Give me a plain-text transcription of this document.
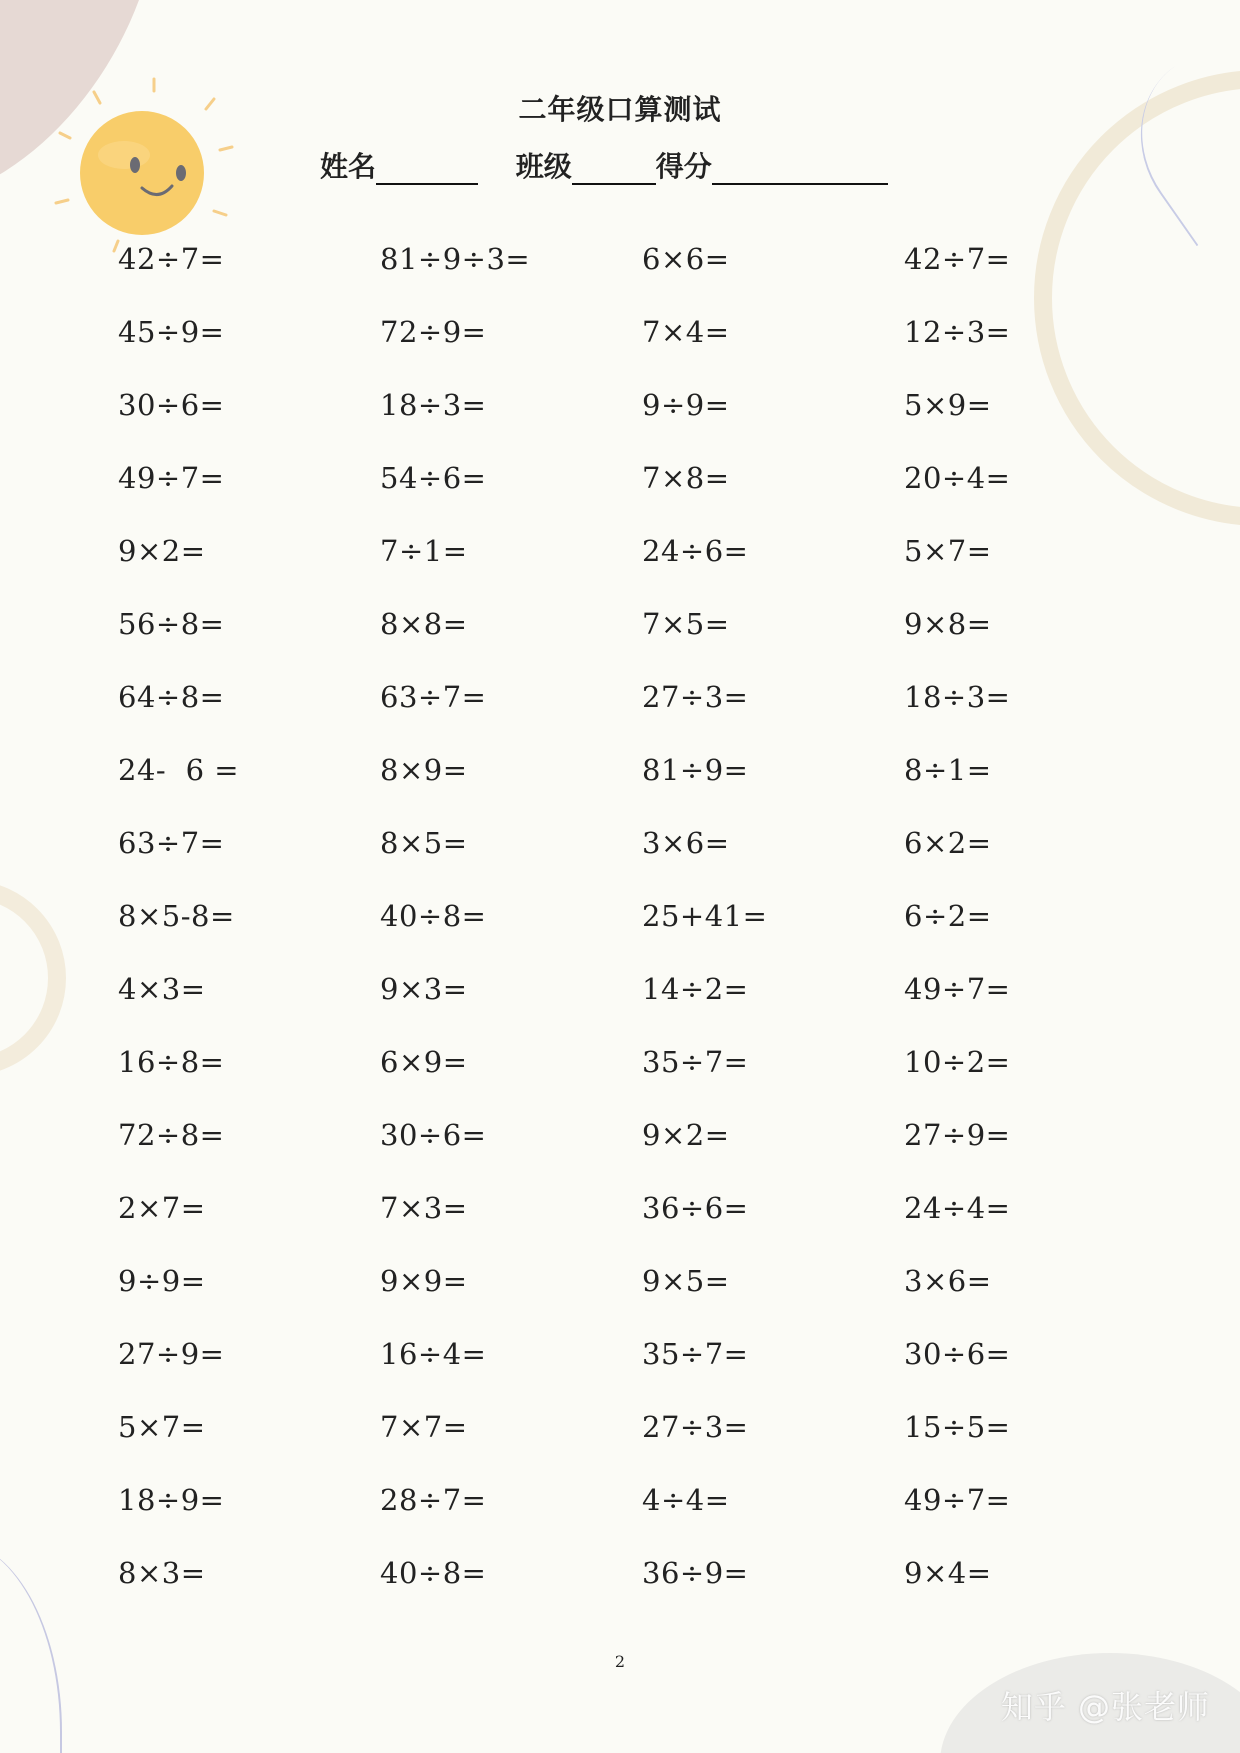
二年级口算测试
姓名	班级	得分
42÷7=	81÷9÷3=	6×6=	42÷7=
45÷9=	72÷9=	7×4=	12÷3=
30÷6=	18÷3=	9÷9=	5×9=
49÷7=	54÷6=	7×8=	20÷4=
9×2=	7÷1=	24÷6=	5×7=
56÷8=	8×8=	7×5=	9×8=
64÷8=	63÷7=	27÷3=	18÷3=
24-  6 =	8×9=	81÷9=	8÷1=
63÷7=	8×5=	3×6=	6×2=
8×5-8=	40÷8=	25+41=	6÷2=
4×3=	9×3=	14÷2=	49÷7=
16÷8=	6×9=	35÷7=	10÷2=
72÷8=	30÷6=	9×2=	27÷9=
2×7=	7×3=	36÷6=	24÷4=
9÷9=	9×9=	9×5=	3×6=
27÷9=	16÷4=	35÷7=	30÷6=
5×7=	7×7=	27÷3=	15÷5=
18÷9=	28÷7=	4÷4=	49÷7=
8×3=	40÷8=	36÷9=	9×4=
2
知乎 @张老师
